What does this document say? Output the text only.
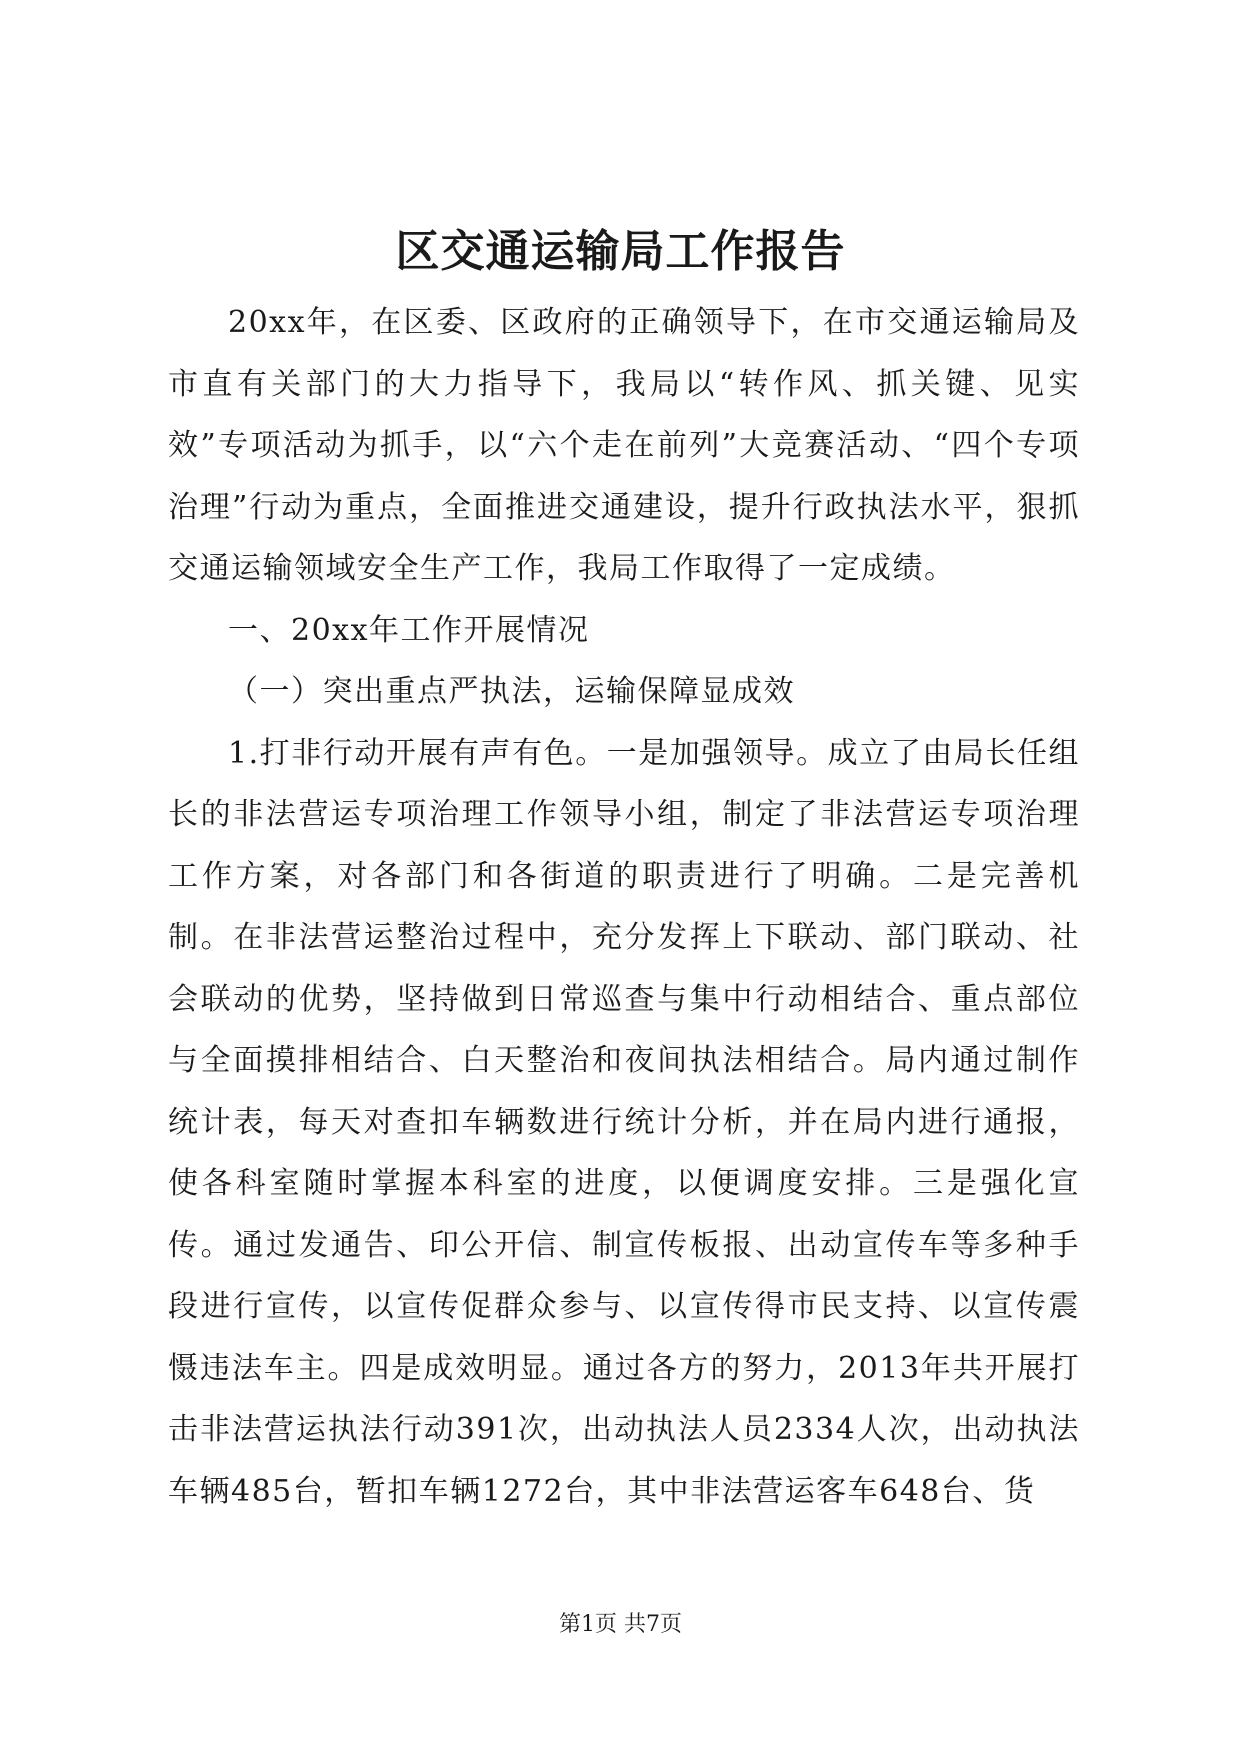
区交通运输局工作报告

20xx年，在区委、区政府的正确领导下，在市交通运输局及市直有关部门的大力指导下，我局以“转作风、抓关键、见实效”专项活动为抓手，以“六个走在前列”大竞赛活动、“四个专项治理”行动为重点，全面推进交通建设，提升行政执法水平，狠抓交通运输领域安全生产工作，我局工作取得了一定成绩。

一、20xx年工作开展情况

（一）突出重点严执法，运输保障显成效

1.打非行动开展有声有色。一是加强领导。成立了由局长任组长的非法营运专项治理工作领导小组，制定了非法营运专项治理工作方案，对各部门和各街道的职责进行了明确。二是完善机制。在非法营运整治过程中，充分发挥上下联动、部门联动、社会联动的优势，坚持做到日常巡查与集中行动相结合、重点部位与全面摸排相结合、白天整治和夜间执法相结合。局内通过制作统计表，每天对查扣车辆数进行统计分析，并在局内进行通报，使各科室随时掌握本科室的进度，以便调度安排。三是强化宣传。通过发通告、印公开信、制宣传板报、出动宣传车等多种手段进行宣传，以宣传促群众参与、以宣传得市民支持、以宣传震慑违法车主。四是成效明显。通过各方的努力，2013年共开展打击非法营运执法行动391次，出动执法人员2334人次，出动执法车辆485台，暂扣车辆1272台，其中非法营运客车648台、货

第1页 共7页
